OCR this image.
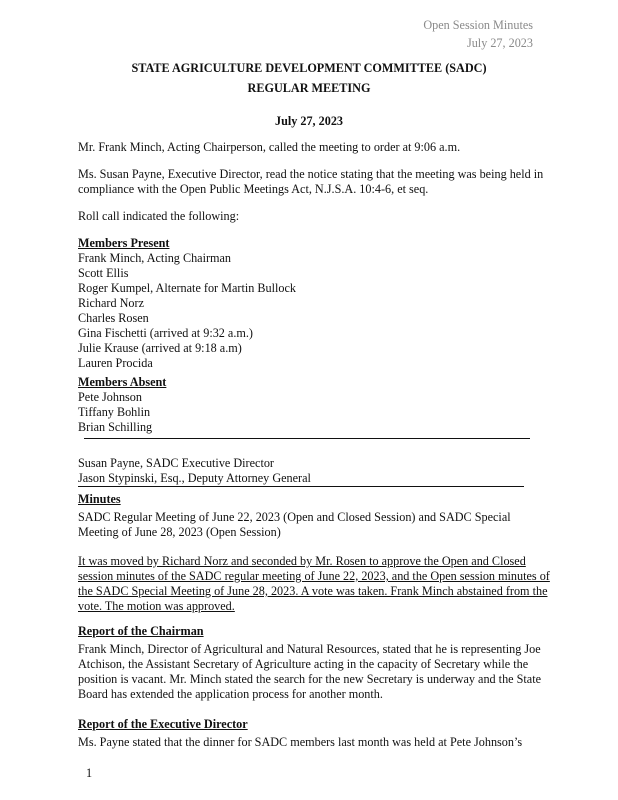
Open Session Minutes
July 27, 2023
STATE AGRICULTURE DEVELOPMENT COMMITTEE (SADC)
REGULAR MEETING
July 27, 2023

Mr. Frank Minch, Acting Chairperson, called the meeting to order at 9:06 a.m.

Ms. Susan Payne, Executive Director, read the notice stating that the meeting was being held in compliance with the Open Public Meetings Act, N.J.S.A. 10:4-6, et seq.

Roll call indicated the following:

Members Present

Frank Minch, Acting Chairman

Scott Ellis

Roger Kumpel, Alternate for Martin Bullock

Richard Norz

Charles Rosen

Gina Fischetti (arrived at 9:32 a.m.)

Julie Krause (arrived at 9:18 a.m)

Lauren Procida

Members Absent

Pete Johnson

Tiffany Bohlin

Brian Schilling

Susan Payne, SADC Executive Director

Jason Stypinski, Esq., Deputy Attorney General

Minutes

SADC Regular Meeting of June 22, 2023 (Open and Closed Session) and SADC Special Meeting of June 28, 2023 (Open Session)

It was moved by Richard Norz and seconded by Mr. Rosen to approve the Open and Closed session minutes of the SADC regular meeting of June 22, 2023, and the Open session minutes of the SADC Special Meeting of June 28, 2023. A vote was taken. Frank Minch abstained from the vote. The motion was approved.

Report of the Chairman

Frank Minch, Director of Agricultural and Natural Resources, stated that he is representing Joe Atchison, the Assistant Secretary of Agriculture acting in the capacity of Secretary while the position is vacant. Mr. Minch stated the search for the new Secretary is underway and the State Board has extended the application process for another month.

Report of the Executive Director

Ms. Payne stated that the dinner for SADC members last month was held at Pete Johnson’s

1
